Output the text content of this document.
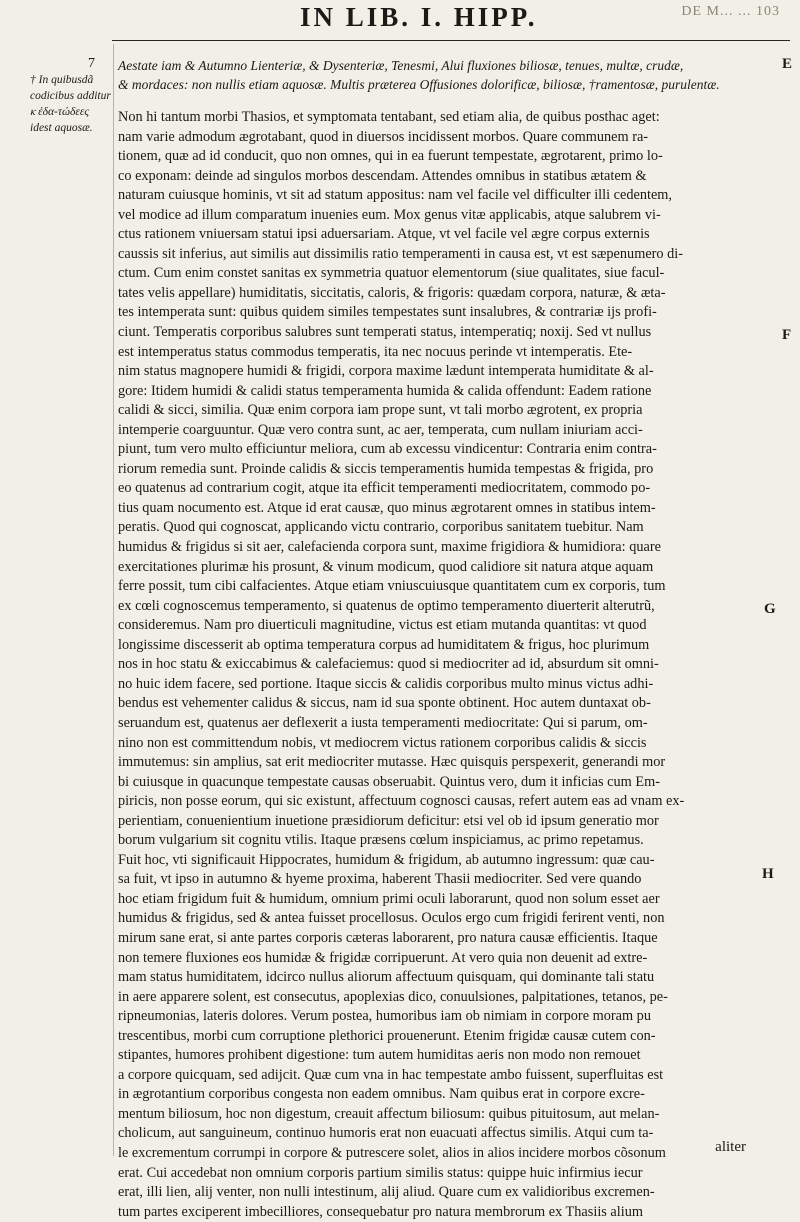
IN LIB. I. HIPP.	DE M... ... 103
7
† In quibusdã codicibus additur ⲕ ἐδα-τώδεες idest aquosæ.
E
F
G
H
Aestate iam & Autumno Lienteriæ, & Dysenteriæ, Tenesmi, Alui fluxiones biliosæ, tenues, multæ, crudæ,
& mordaces: non nullis etiam aquosæ. Multis præterea Offusiones dolorificæ, biliosæ, †ramentosæ, purulentæ.
Non hi tantum morbi Thasios, et symptomata tentabant, sed etiam alia, de quibus posthac aget:
nam varie admodum ægrotabant, quod in diuersos incidissent morbos. Quare communem ra-
tionem, quæ ad id conducit, quo non omnes, qui in ea fuerunt tempestate, ægrotarent, primo lo-
co exponam: deinde ad singulos morbos descendam. Attendes omnibus in statibus ætatem &
naturam cuiusque hominis, vt sit ad statum appositus: nam vel facile vel difficulter illi cedentem,
vel modice ad illum comparatum inuenies eum. Mox genus vitæ applicabis, atque salubrem vi-
ctus rationem vniuersam statui ipsi aduersariam. Atque, vt vel facile vel ægre corpus externis
caussis sit inferius, aut similis aut dissimilis ratio temperamenti in causa est, vt est sæpenumero di-
ctum. Cum enim constet sanitas ex symmetria quatuor elementorum (siue qualitates, siue facul-
tates velis appellare) humiditatis, siccitatis, caloris, & frigoris: quædam corpora, naturæ, & æta-
tes intemperata sunt: quibus quidem similes tempestates sunt insalubres, & contrariæ ijs profi-
ciunt. Temperatis corporibus salubres sunt temperati status, intemperatiq; noxij. Sed vt nullus
est intemperatus status commodus temperatis, ita nec nocuus perinde vt intemperatis. Ete-
nim status magnopere humidi & frigidi, corpora maxime lædunt intemperata humiditate & al-
gore: Itidem humidi & calidi status temperamenta humida & calida offendunt: Eadem ratione
calidi & sicci, similia. Quæ enim corpora iam prope sunt, vt tali morbo ægrotent, ex propria
intemperie coarguuntur. Quæ vero contra sunt, ac aer, temperata, cum nullam iniuriam acci-
piunt, tum vero multo efficiuntur meliora, cum ab excessu vindicentur: Contraria enim contra-
riorum remedia sunt. Proinde calidis & siccis temperamentis humida tempestas & frigida, pro
eo quatenus ad contrarium cogit, atque ita efficit temperamenti mediocritatem, commodo po-
tius quam nocumento est. Atque id erat causæ, quo minus ægrotarent omnes in statibus intem-
peratis. Quod qui cognoscat, applicando victu contrario, corporibus sanitatem tuebitur. Nam
humidus & frigidus si sit aer, calefacienda corpora sunt, maxime frigidiora & humidiora: quare
exercitationes plurimæ his prosunt, & vinum modicum, quod calidiore sit natura atque aquam
ferre possit, tum cibi calfacientes. Atque etiam vniuscuiusque quantitatem cum ex corporis, tum
ex cœli cognoscemus temperamento, si quatenus de optimo temperamento diuerterit alterutrũ,
consideremus. Nam pro diuerticuli magnitudine, victus est etiam mutanda quantitas: vt quod
longissime discesserit ab optima temperatura corpus ad humiditatem & frigus, hoc plurimum
nos in hoc statu & exiccabimus & calefaciemus: quod si mediocriter ad id, absurdum sit omni-
no huic idem facere, sed portione. Itaque siccis & calidis corporibus multo minus victus adhi-
bendus est vehementer calidus & siccus, nam id sua sponte obtinent. Hoc autem duntaxat ob-
seruandum est, quatenus aer deflexerit a iusta temperamenti mediocritate: Qui si parum, om-
nino non est committendum nobis, vt mediocrem victus rationem corporibus calidis & siccis
immutemus: sin amplius, sat erit mediocriter mutasse. Hæc quisquis perspexerit, generandi mor
bi cuiusque in quacunque tempestate causas obseruabit. Quintus vero, dum it inficias cum Em-
piricis, non posse eorum, qui sic existunt, affectuum cognosci causas, refert autem eas ad vnam ex-
perientiam, conuenientium inuetione præsidiorum deficitur: etsi vel ob id ipsum generatio mor
borum vulgarium sit cognitu vtilis. Itaque præsens cœlum inspiciamus, ac primo repetamus.
Fuit hoc, vti significauit Hippocrates, humidum & frigidum, ab autumno ingressum: quæ cau-
sa fuit, vt ipso in autumno & hyeme proxima, haberent Thasii mediocriter. Sed vere quando
hoc etiam frigidum fuit & humidum, omnium primi oculi laborarunt, quod non solum esset aer
humidus & frigidus, sed & antea fuisset procellosus. Oculos ergo cum frigidi ferirent venti, non
mirum sane erat, si ante partes corporis cæteras laborarent, pro natura causæ efficientis. Itaque
non temere fluxiones eos humidæ & frigidæ corripuerunt. At vero quia non deuenit ad extre-
mam status humiditatem, idcirco nullus aliorum affectuum quisquam, qui dominante tali statu
in aere apparere solent, est consecutus, apoplexias dico, conuulsiones, palpitationes, tetanos, pe-
ripneumonias, lateris dolores. Verum postea, humoribus iam ob nimiam in corpore moram pu
trescentibus, morbi cum corruptione plethorici prouenerunt. Etenim frigidæ causæ cutem con-
stipantes, humores prohibent digestione: tum autem humiditas aeris non modo non remouet
a corpore quicquam, sed adijcit. Quæ cum vna in hac tempestate ambo fuissent, superfluitas est
in ægrotantium corporibus congesta non eadem omnibus. Nam quibus erat in corpore excre-
mentum biliosum, hoc non digestum, creauit affectum biliosum: quibus pituitosum, aut melan-
cholicum, aut sanguineum, continuo humoris erat non euacuati affectus similis. Atqui cum ta-
le excrementum corrumpi in corpore & putrescere solet, alios in alios incidere morbos cõsonum
erat. Cui accedebat non omnium corporis partium similis status: quippe huic infirmius iecur
erat, illi lien, alij venter, non nulli intestinum, alij aliud. Quare cum ex validioribus excremen-
tum partes exciperent imbecilliores, consequebatur pro natura membrorum ex Thasiis alium
aliter
